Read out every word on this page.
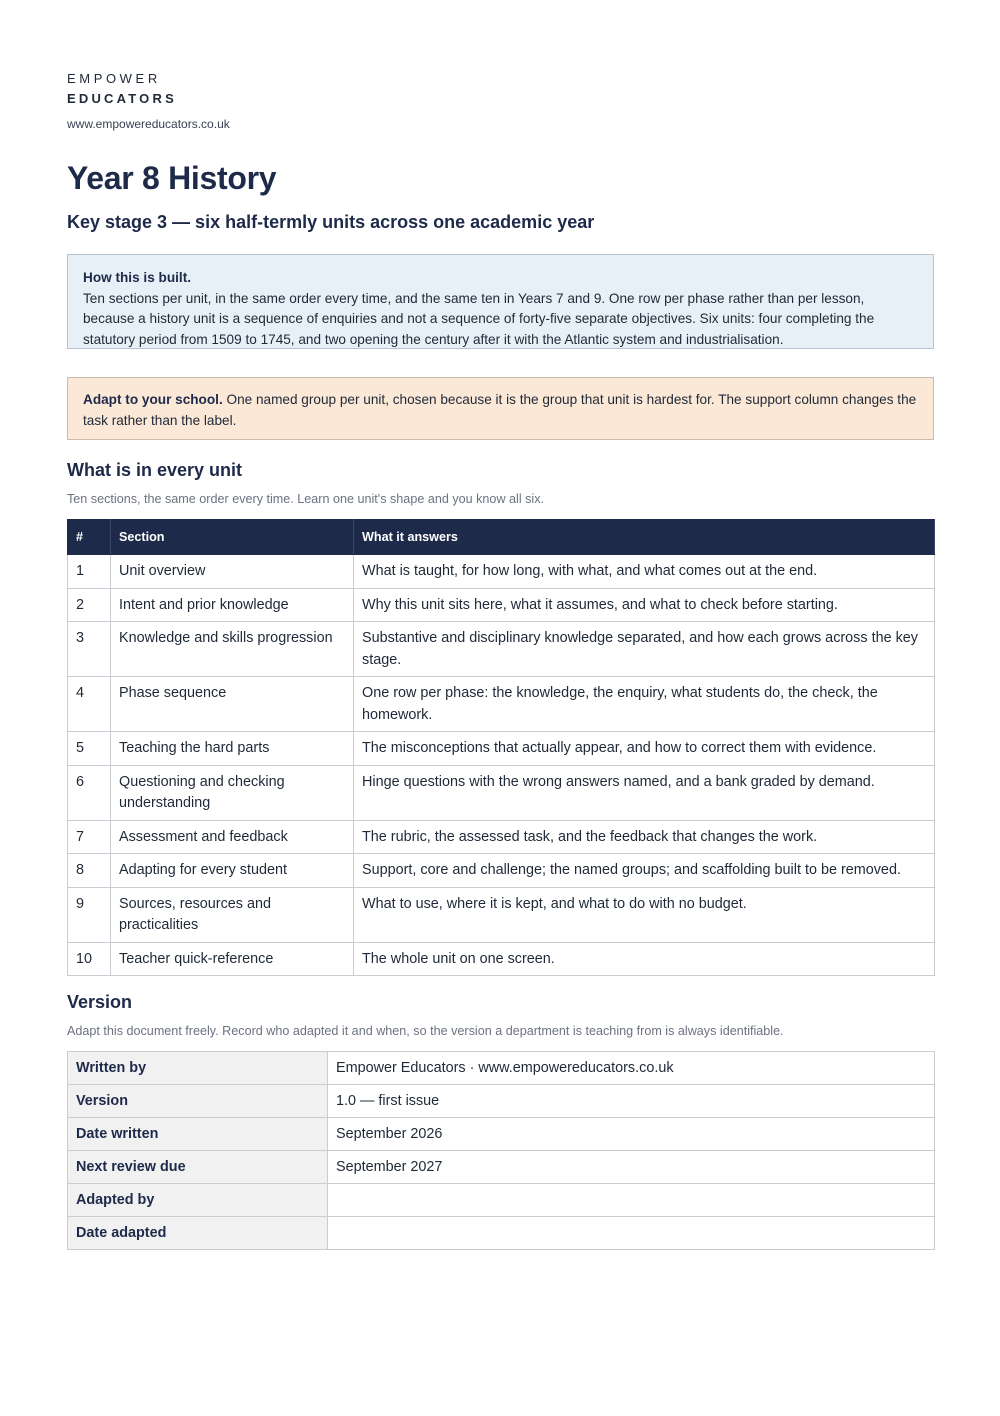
EMPOWER
EDUCATORS
www.empowereducators.co.uk
Year 8 History
Key stage 3 — six half-termly units across one academic year
How this is built.
Ten sections per unit, in the same order every time, and the same ten in Years 7 and 9. One row per phase rather than per lesson, because a history unit is a sequence of enquiries and not a sequence of forty-five separate objectives. Six units: four completing the statutory period from 1509 to 1745, and two opening the century after it with the Atlantic system and industrialisation.
Adapt to your school. One named group per unit, chosen because it is the group that unit is hardest for. The support column changes the task rather than the label.
What is in every unit
Ten sections, the same order every time. Learn one unit's shape and you know all six.
#	Section	What it answers
1	Unit overview	What is taught, for how long, with what, and what comes out at the end.
2	Intent and prior knowledge	Why this unit sits here, what it assumes, and what to check before starting.
3	Knowledge and skills progression	Substantive and disciplinary knowledge separated, and how each grows across the key stage.
4	Phase sequence	One row per phase: the knowledge, the enquiry, what students do, the check, the homework.
5	Teaching the hard parts	The misconceptions that actually appear, and how to correct them with evidence.
6	Questioning and checking understanding	Hinge questions with the wrong answers named, and a bank graded by demand.
7	Assessment and feedback	The rubric, the assessed task, and the feedback that changes the work.
8	Adapting for every student	Support, core and challenge; the named groups; and scaffolding built to be removed.
9	Sources, resources and practicalities	What to use, where it is kept, and what to do with no budget.
10	Teacher quick-reference	The whole unit on one screen.
Version
Adapt this document freely. Record who adapted it and when, so the version a department is teaching from is always identifiable.
Written by	Empower Educators · www.empowereducators.co.uk
Version	1.0 — first issue
Date written	September 2026
Next review due	September 2027
Adapted by	
Date adapted	
